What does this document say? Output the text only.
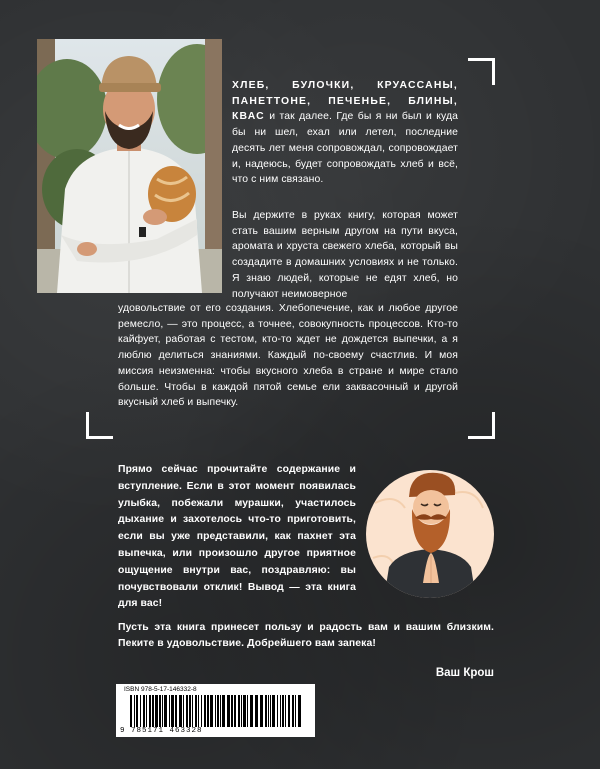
ХЛЕБ, БУЛОЧКИ, КРУАССАНЫ, ПАНЕТТОНЕ, ПЕЧЕНЬЕ, БЛИНЫ, КВАС и так далее. Где бы я ни был и куда бы ни шел, ехал или летел, последние десять лет меня сопровождал, сопровождает и, надеюсь, будет сопровождать хлеб и всё, что с ним связано.
Вы держите в руках книгу, которая может стать вашим верным другом на пути вкуса, аромата и хруста свежего хлеба, который вы создадите в домашних условиях и не только. Я знаю людей, которые не едят хлеб, но получают неимоверное
удовольствие от его создания. Хлебопечение, как и любое другое ремесло, — это процесс, а точнее, совокупность процессов. Кто-то кайфует, работая с тестом, кто-то ждет не дождется выпечки, а я люблю делиться знаниями. Каждый по-своему счастлив. И моя миссия неизменна: чтобы вкусного хлеба в стране и мире стало больше. Чтобы в каждой пятой семье ели заквасочный и другой вкусный хлеб и выпечку.
Прямо сейчас прочитайте содержание и вступление. Если в этот момент появилась улыбка, побежали мурашки, участилось дыхание и захотелось что-то приготовить, если вы уже представили, как пахнет эта выпечка, или произошло другое приятное ощущение внутри вас, поздравляю: вы почувствовали отклик! Вывод — эта книга для вас!
Пусть эта книга принесет пользу и радость вам и вашим близким. Пеките в удовольствие. Добрейшего вам запека!
Ваш Крош
ISBN 978-5-17-146332-8
9 785171 463328
